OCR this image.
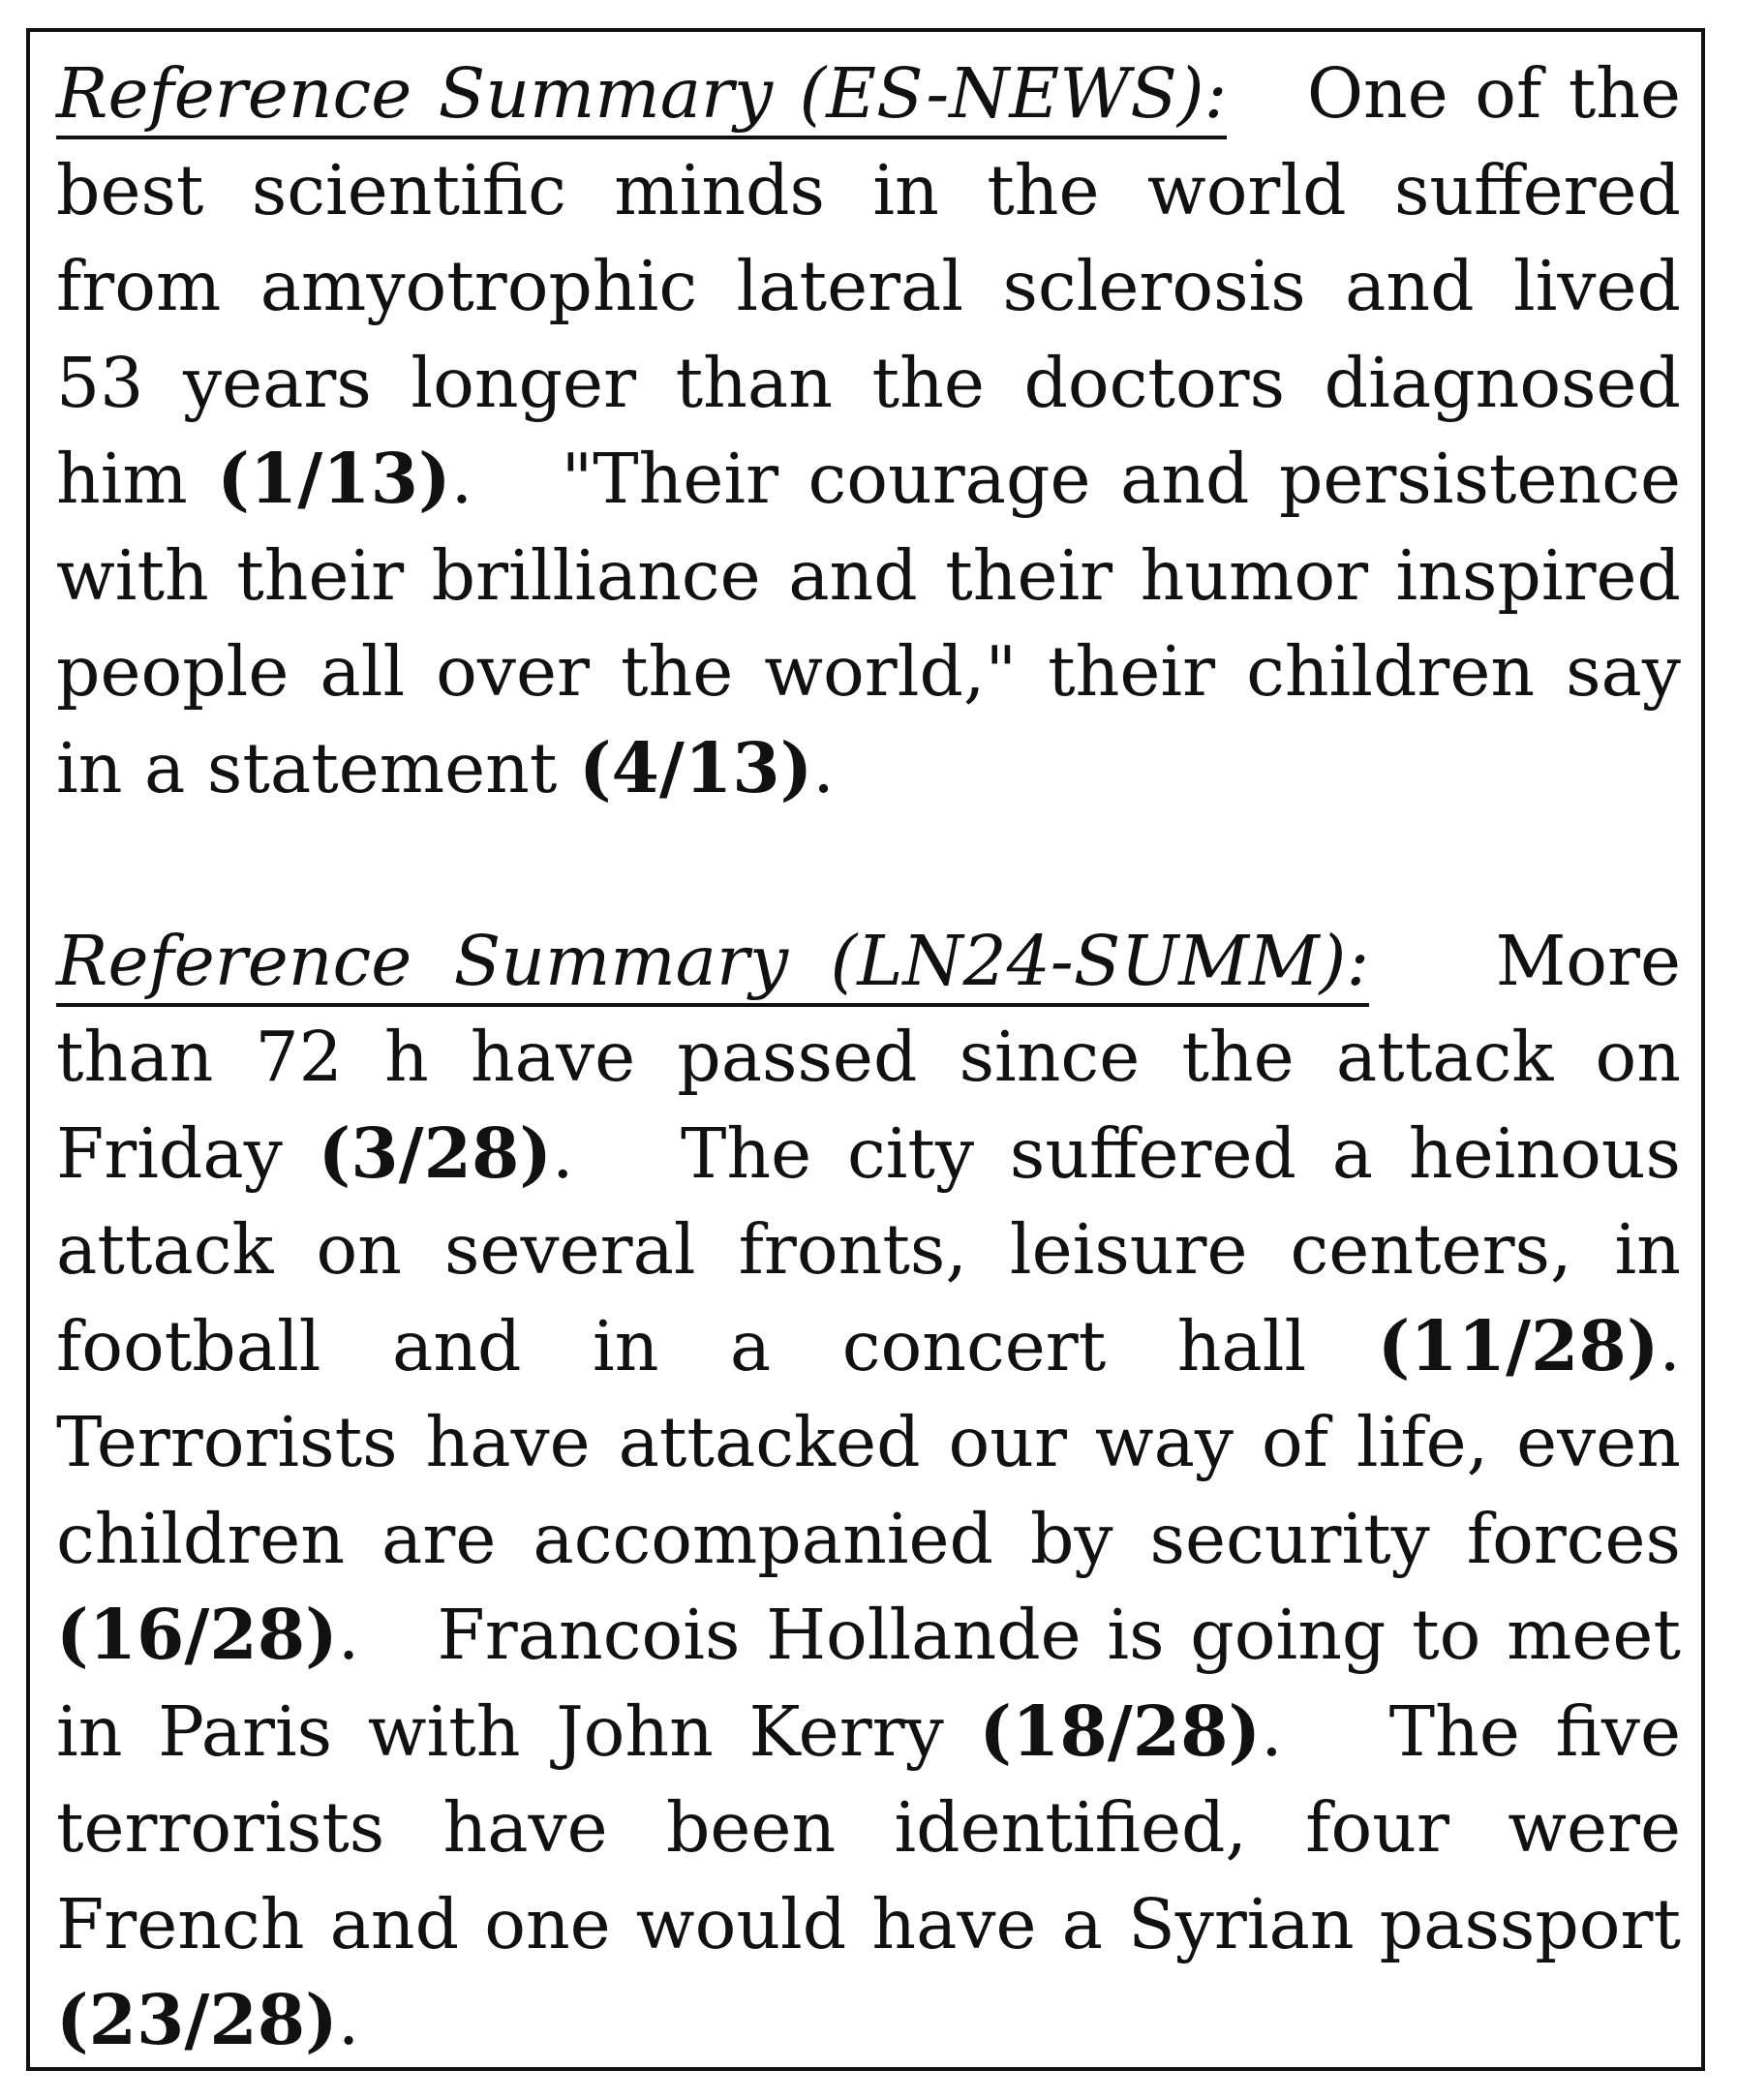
Reference Summary (ES-NEWS): One of the best scientific minds in the world suffered from amyotrophic lateral sclerosis and lived 53 years longer than the doctors diagnosed him (1/13).   "Their courage and persistence with their brilliance and their humor inspired people all over the world," their children say in a statement (4/13).

Reference Summary (LN24-SUMM): More than 72 h have passed since the attack on Friday (3/28).   The city suffered a heinous attack on several fronts, leisure centers, in football and in a concert hall (11/28). Terrorists have attacked our way of life, even children are accompanied by security forces (16/28).   Francois Hollande is going to meet in Paris with John Kerry (18/28).   The five terrorists have been identified, four were French and one would have a Syrian passport (23/28).
